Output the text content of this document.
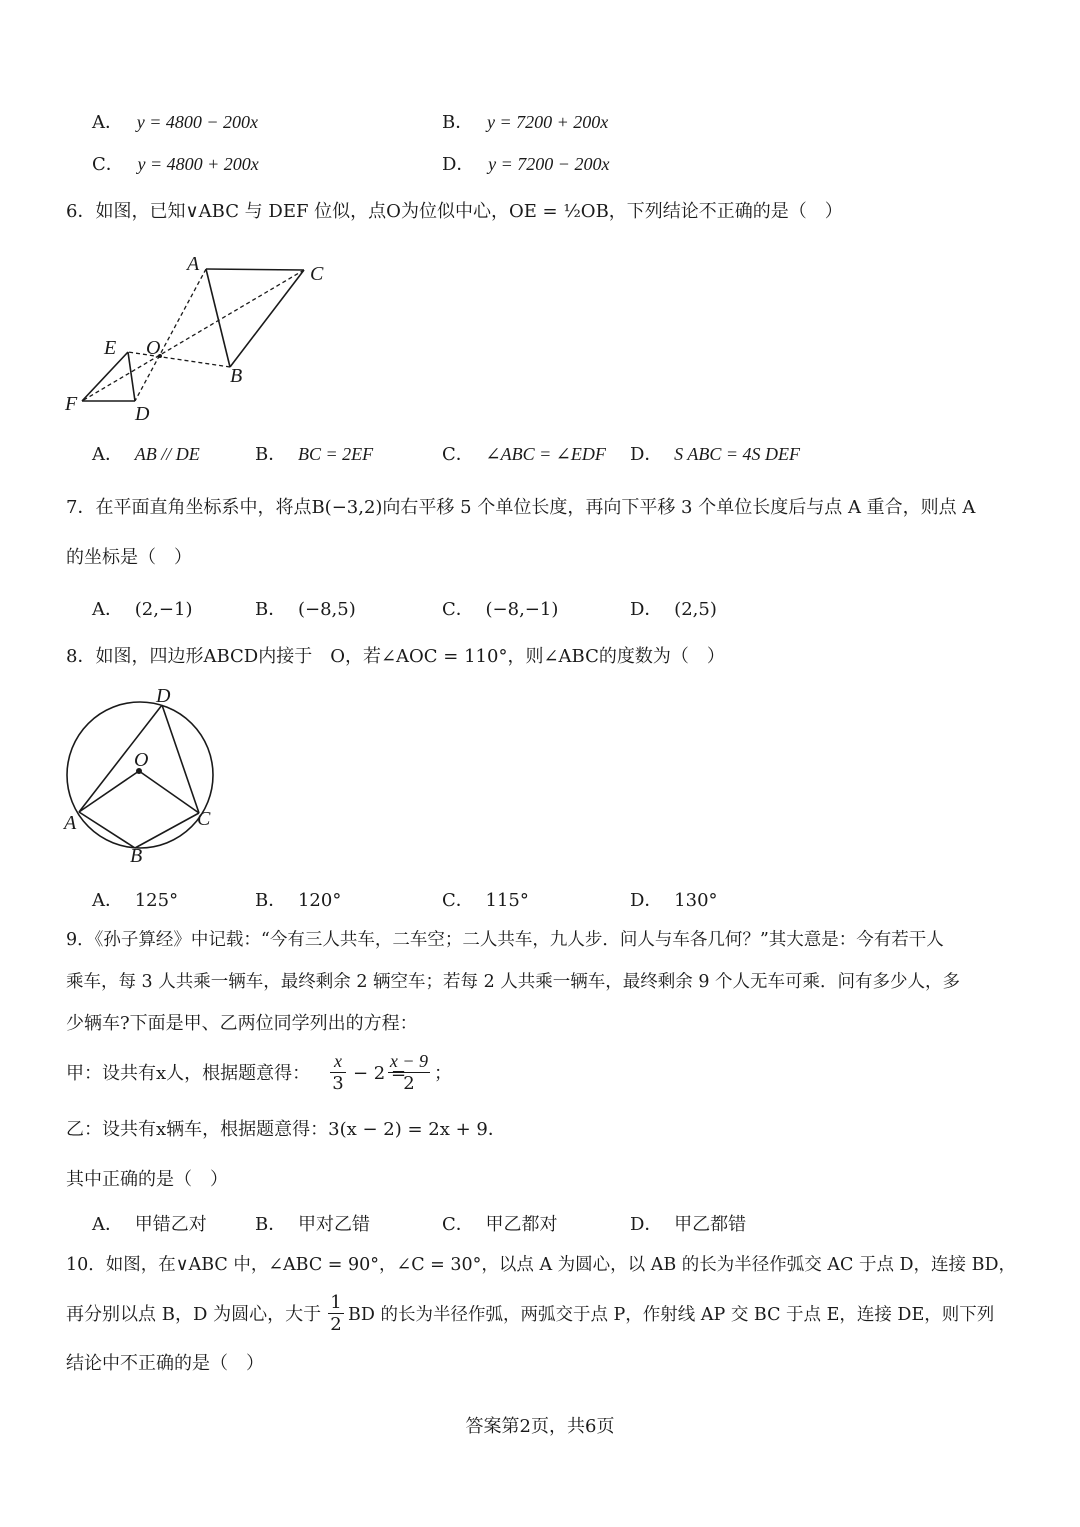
A． y = 4800 − 200x	B． y = 7200 + 200x
C． y = 4800 + 200x	D． y = 7200 − 200x
6．如图，已知∨ABC 与 DEF 位似，点O为位似中心，OE = ½OB，下列结论不正确的是（　）
A	C
E O
B
F	D
A． AB // DE	B． BC = 2EF	C． ∠ABC = ∠EDF D． S ABC = 4S DEF
7．在平面直角坐标系中，将点B(−3,2)向右平移 5 个单位长度，再向下平移 3 个单位长度后与点 A 重合，则点 A
的坐标是（　）
A． (2,−1)	B． (−8,5)	C． (−8,−1)	D． (2,5)
8．如图，四边形ABCD内接于　O，若∠AOC = 110°，则∠ABC的度数为（　）
D
O
A	C
B
A． 125°	B． 120°	C． 115°	D． 130°
9．《孙子算经》中记载：“今有三人共车，二车空；二人共车，九人步．问人与车各几何？”其大意是：今有若干人
乘车，每 3 人共乘一辆车，最终剩余 2 辆空车；若每 2 人共乘一辆车，最终剩余 9 个人无车可乘．问有多少人，多
少辆车?下面是甲、乙两位同学列出的方程：
甲：设共有x人，根据题意得：
x
3 − 2 =
x − 9
2	；
乙：设共有x辆车，根据题意得：3(x − 2) = 2x + 9．
其中正确的是（　）
A． 甲错乙对	B． 甲对乙错	C． 甲乙都对	D． 甲乙都错
10．如图，在∨ABC 中，∠ABC = 90°，∠C = 30°，以点 A 为圆心，以 AB 的长为半径作弧交 AC 于点 D，连接 BD，
再分别以点 B，D 为圆心，大于
1
2 BD 的长为半径作弧，两弧交于点 P，作射线 AP 交 BC 于点 E，连接 DE，则下列
结论中不正确的是（　）
答案第2页，共6页
